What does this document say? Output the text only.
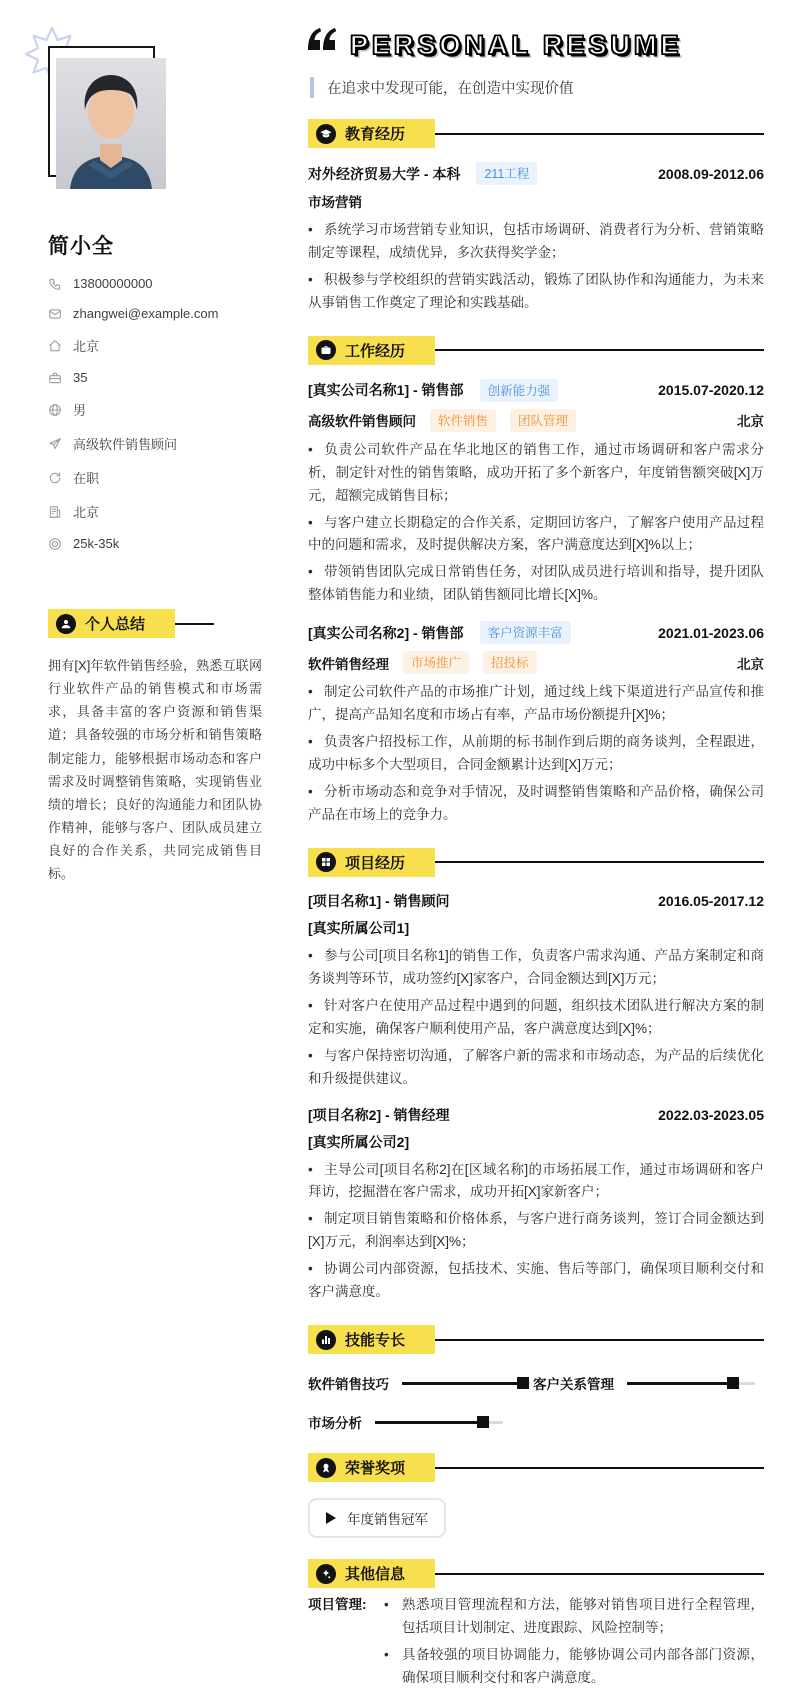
简小全
13800000000
zhangwei@example.com
北京
35
男
高级软件销售顾问
在职
北京
25k-35k
个人总结
拥有[X]年软件销售经验，熟悉互联网行业软件产品的销售模式和市场需求，具备丰富的客户资源和销售渠道；具备较强的市场分析和销售策略制定能力，能够根据市场动态和客户需求及时调整销售策略，实现销售业绩的增长；良好的沟通能力和团队协作精神，能够与客户、团队成员建立良好的合作关系，共同完成销售目标。
PERSONAL RESUME
在追求中发现可能，在创造中实现价值
教育经历
对外经济贸易大学 - 本科	211工程	2008.09-2012.06

市场营销

• 系统学习市场营销专业知识，包括市场调研、消费者行为分析、营销策略制定等课程，成绩优异，多次获得奖学金；

• 积极参与学校组织的营销实践活动，锻炼了团队协作和沟通能力，为未来从事销售工作奠定了理论和实践基础。

工作经历
[真实公司名称1] - 销售部	创新能力强	2015.07-2020.12
高级软件销售顾问	软件销售	团队管理	北京

• 负责公司软件产品在华北地区的销售工作，通过市场调研和客户需求分析，制定针对性的销售策略，成功开拓了多个新客户，年度销售额突破[X]万元，超额完成销售目标；

• 与客户建立长期稳定的合作关系，定期回访客户，了解客户使用产品过程中的问题和需求，及时提供解决方案，客户满意度达到[X]%以上；

• 带领销售团队完成日常销售任务，对团队成员进行培训和指导，提升团队整体销售能力和业绩，团队销售额同比增长[X]%。

[真实公司名称2] - 销售部	客户资源丰富	2021.01-2023.06
软件销售经理	市场推广	招投标	北京

• 制定公司软件产品的市场推广计划，通过线上线下渠道进行产品宣传和推广，提高产品知名度和市场占有率，产品市场份额提升[X]%；

• 负责客户招投标工作，从前期的标书制作到后期的商务谈判，全程跟进，成功中标多个大型项目，合同金额累计达到[X]万元；

• 分析市场动态和竞争对手情况，及时调整销售策略和产品价格，确保公司产品在市场上的竞争力。

项目经历
[项目名称1] - 销售顾问	2016.05-2017.12
[真实所属公司1]

• 参与公司[项目名称1]的销售工作，负责客户需求沟通、产品方案制定和商务谈判等环节，成功签约[X]家客户，合同金额达到[X]万元；

• 针对客户在使用产品过程中遇到的问题，组织技术团队进行解决方案的制定和实施，确保客户顺利使用产品，客户满意度达到[X]%；

• 与客户保持密切沟通，了解客户新的需求和市场动态，为产品的后续优化和升级提供建议。

[项目名称2] - 销售经理	2022.03-2023.05
[真实所属公司2]

• 主导公司[项目名称2]在[区域名称]的市场拓展工作，通过市场调研和客户拜访，挖掘潜在客户需求，成功开拓[X]家新客户；

• 制定项目销售策略和价格体系，与客户进行商务谈判，签订合同金额达到[X]万元，利润率达到[X]%；

• 协调公司内部资源，包括技术、实施、售后等部门，确保项目顺利交付和客户满意度。

技能专长
软件销售技巧	客户关系管理
市场分析
荣誉奖项
年度销售冠军
其他信息
项目管理:	• 熟悉项目管理流程和方法，能够对销售项目进行全程管理，包括项目计划制定、进度跟踪、风险控制等；

• 具备较强的项目协调能力，能够协调公司内部各部门资源，确保项目顺利交付和客户满意度。
